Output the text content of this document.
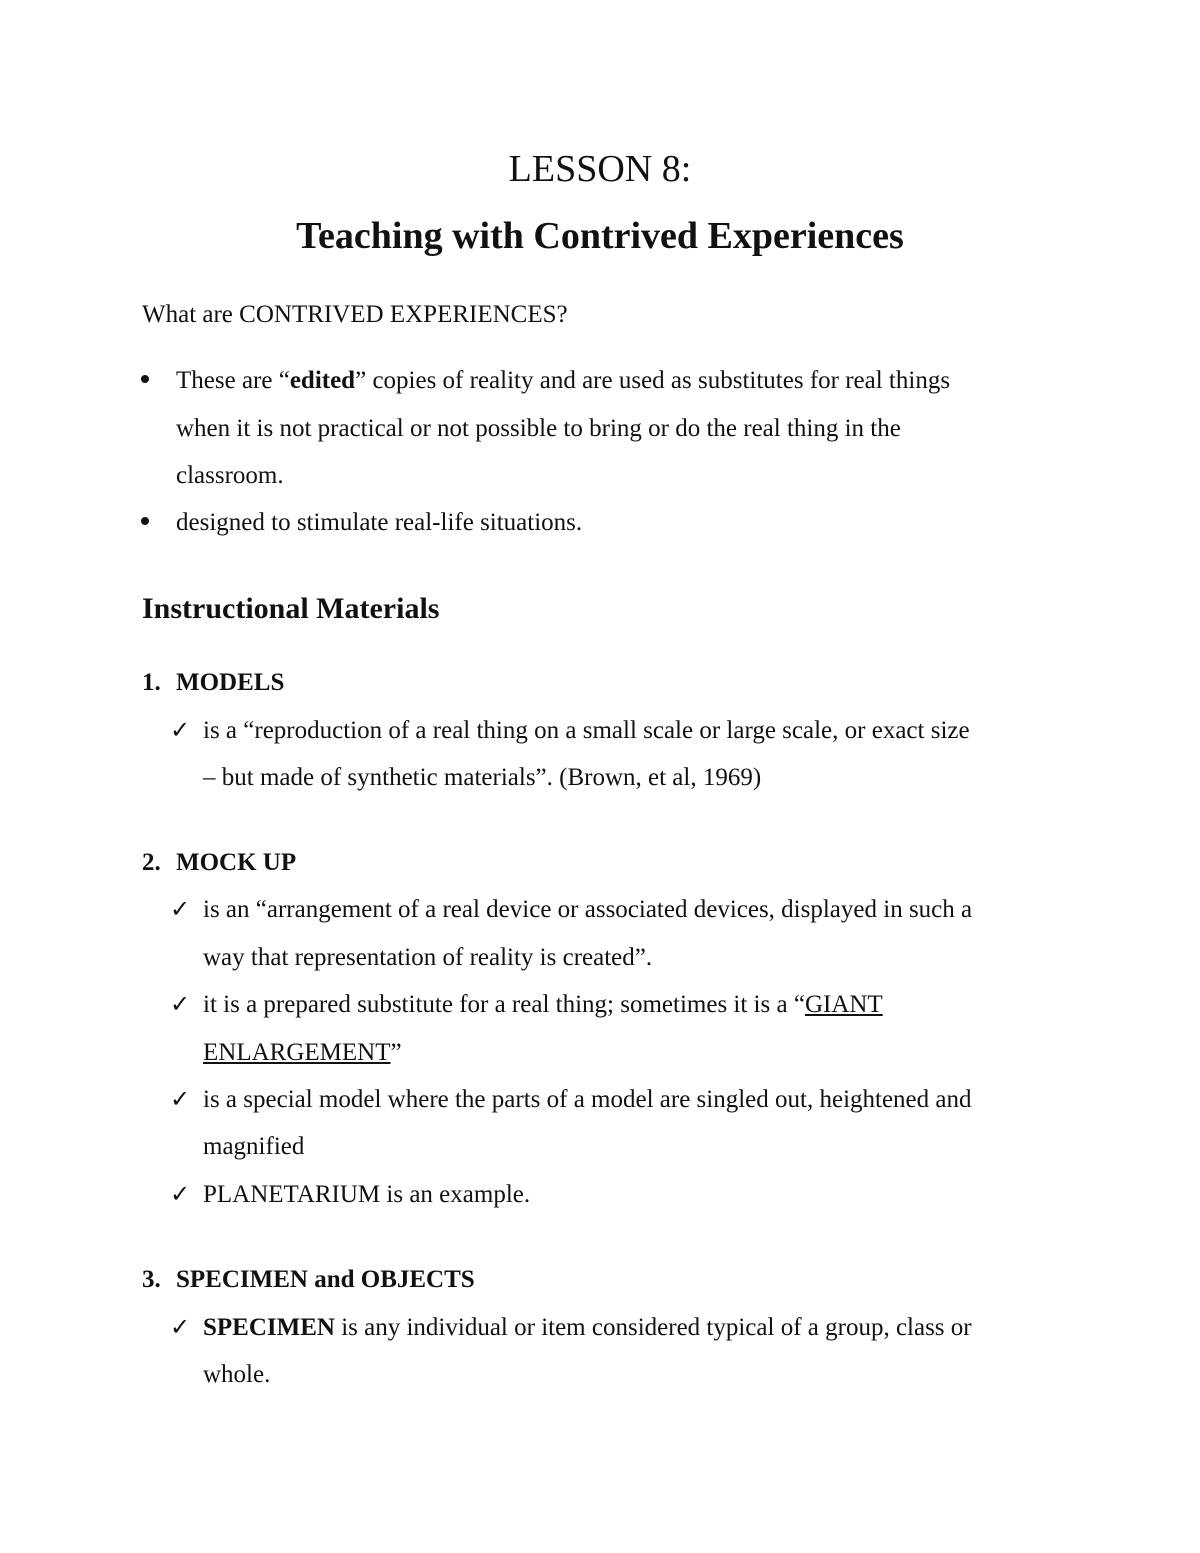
LESSON 8:
Teaching with Contrived Experiences
What are CONTRIVED EXPERIENCES?
These are “edited” copies of reality and are used as substitutes for real things
when it is not practical or not possible to bring or do the real thing in the
classroom.
designed to stimulate real-life situations.
Instructional Materials
1. MODELS
✓ is a “reproduction of a real thing on a small scale or large scale, or exact size
– but made of synthetic materials”. (Brown, et al, 1969)
2. MOCK UP
✓ is an “arrangement of a real device or associated devices, displayed in such a
way that representation of reality is created”.
✓ it is a prepared substitute for a real thing; sometimes it is a “GIANT
ENLARGEMENT”
✓ is a special model where the parts of a model are singled out, heightened and
magnified
✓ PLANETARIUM is an example.
3. SPECIMEN and OBJECTS
✓ SPECIMEN is any individual or item considered typical of a group, class or
whole.
